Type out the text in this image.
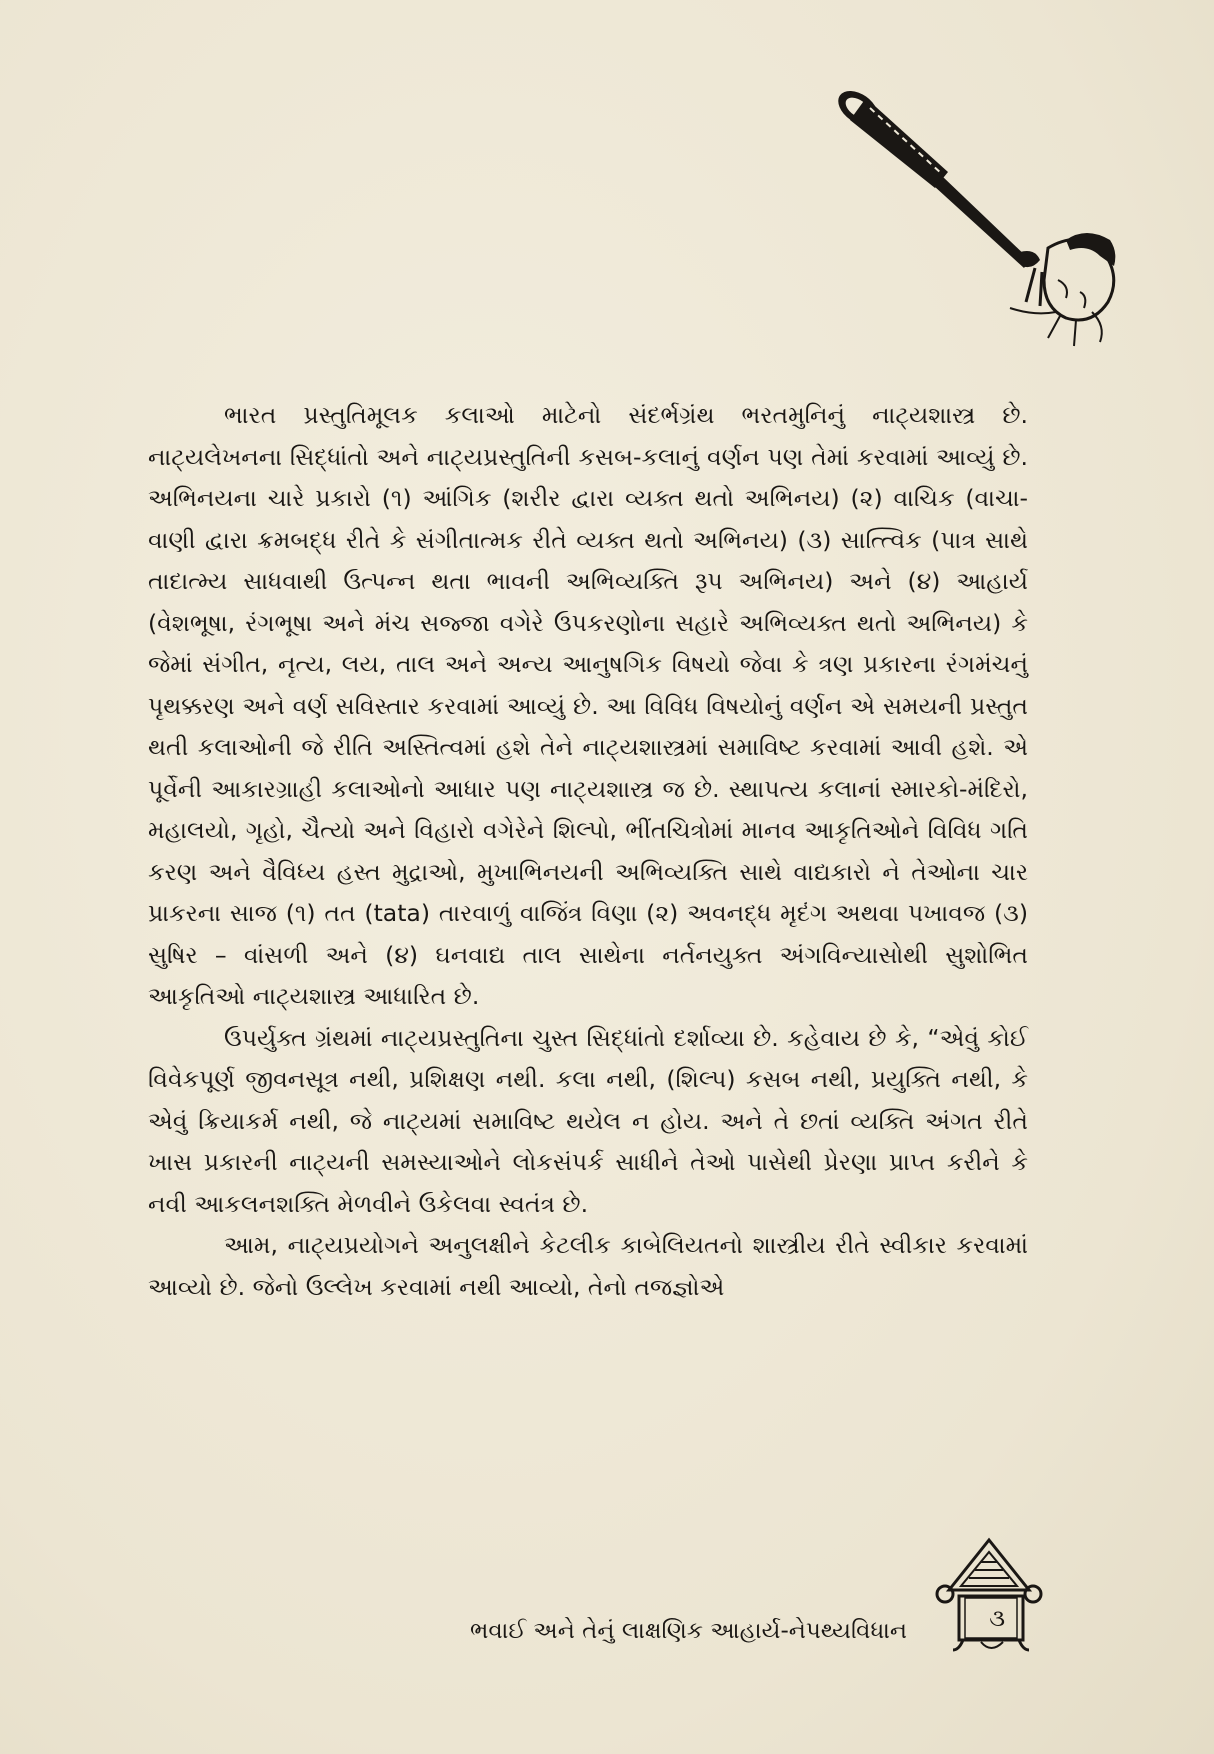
ભારત પ્રસ્તુતિમૂલક કલાઓ માટેનો સંદર્ભગ્રંથ ભરતમુનિનું નાટ્યશાસ્ત્ર છે. નાટ્યલેખનના સિદ્ધાંતો અને નાટ્યપ્રસ્તુતિની કસબ-કલાનું વર્ણન પણ તેમાં કરવામાં આવ્યું છે. અભિનયના ચારે પ્રકારો (૧) આંગિક (શરીર દ્વારા વ્યક્ત થતો અભિનય) (૨) વાચિક (વાચા-વાણી દ્વારા ક્રમબદ્ધ રીતે કે સંગીતાત્મક રીતે વ્યક્ત થતો અભિનય) (૩) સાત્ત્વિક (પાત્ર સાથે તાદાત્મ્ય સાધવાથી ઉત્પન્ન થતા ભાવની અભિવ્યક્તિ રૂપ અભિનય) અને (૪) આહાર્ય (વેશભૂષા, રંગભૂષા અને મંચ સજ્જા વગેરે ઉપકરણોના સહારે અભિવ્યક્ત થતો અભિનય) કે જેમાં સંગીત, નૃત્ય, લય, તાલ અને અન્ય આનુષગિક વિષયો જેવા કે ત્રણ પ્રકારના રંગમંચનું પૃથક્કરણ અને વર્ણ સવિસ્તાર કરવામાં આવ્યું છે. આ વિવિધ વિષયોનું વર્ણન એ સમયની પ્રસ્તુત થતી કલાઓની જે રીતિ અસ્તિત્વમાં હશે તેને નાટ્યશાસ્ત્રમાં સમાવિષ્ટ કરવામાં આવી હશે. એ પૂર્વેની આકારગ્રાહી કલાઓનો આધાર પણ નાટ્યશાસ્ત્ર જ છે. સ્થાપત્ય કલાનાં સ્મારકો-મંદિરો, મહાલયો, ગૃહો, ચૈત્યો અને વિહારો વગેરેને શિલ્પો, ભીંતચિત્રોમાં માનવ આકૃતિઓને વિવિધ ગતિ કરણ અને વૈવિધ્ય હસ્ત મુદ્રાઓ, મુખાભિનયની અભિવ્યક્તિ સાથે વાદ્યકારો ને તેઓના ચાર પ્રાકરના સાજ (૧) તત (tata) તારવાળું વાજિંત્ર વિણા (૨) અવનદ્ધ મૃદંગ અથવા પખાવજ (૩) સુષિર – વાંસળી અને (૪) ઘનવાદ્ય તાલ સાથેના નર્તનયુક્ત અંગવિન્યાસોથી સુશોભિત આકૃતિઓ નાટ્યશાસ્ત્ર આધારિત છે.

ઉપર્યુક્ત ગ્રંથમાં નાટ્યપ્રસ્તુતિના ચુસ્ત સિદ્ધાંતો દર્શાવ્યા છે. કહેવાય છે કે, “એવું કોઈ વિવેકપૂર્ણ જીવનસૂત્ર નથી, પ્રશિક્ષણ નથી. કલા નથી, (શિલ્પ) કસબ નથી, પ્રયુક્તિ નથી, કે એવું ક્રિયાકર્મ નથી, જે નાટ્યમાં સમાવિષ્ટ થયેલ ન હોય. અને તે છતાં વ્યક્તિ અંગત રીતે ખાસ પ્રકારની નાટ્યની સમસ્યાઓને લોકસંપર્ક સાધીને તેઓ પાસેથી પ્રેરણા પ્રાપ્ત કરીને કે નવી આકલનશક્તિ મેળવીને ઉકેલવા સ્વતંત્ર છે.

આમ, નાટ્યપ્રયોગને અનુલક્ષીને કેટલીક કાબેલિયતનો શાસ્ત્રીય રીતે સ્વીકાર કરવામાં આવ્યો છે. જેનો ઉલ્લેખ કરવામાં નથી આવ્યો, તેનો તજજ્ઞોએ

ભવાઈ અને તેનું લાક્ષણિક આહાર્ય-નેપથ્યવિધાન	૩
